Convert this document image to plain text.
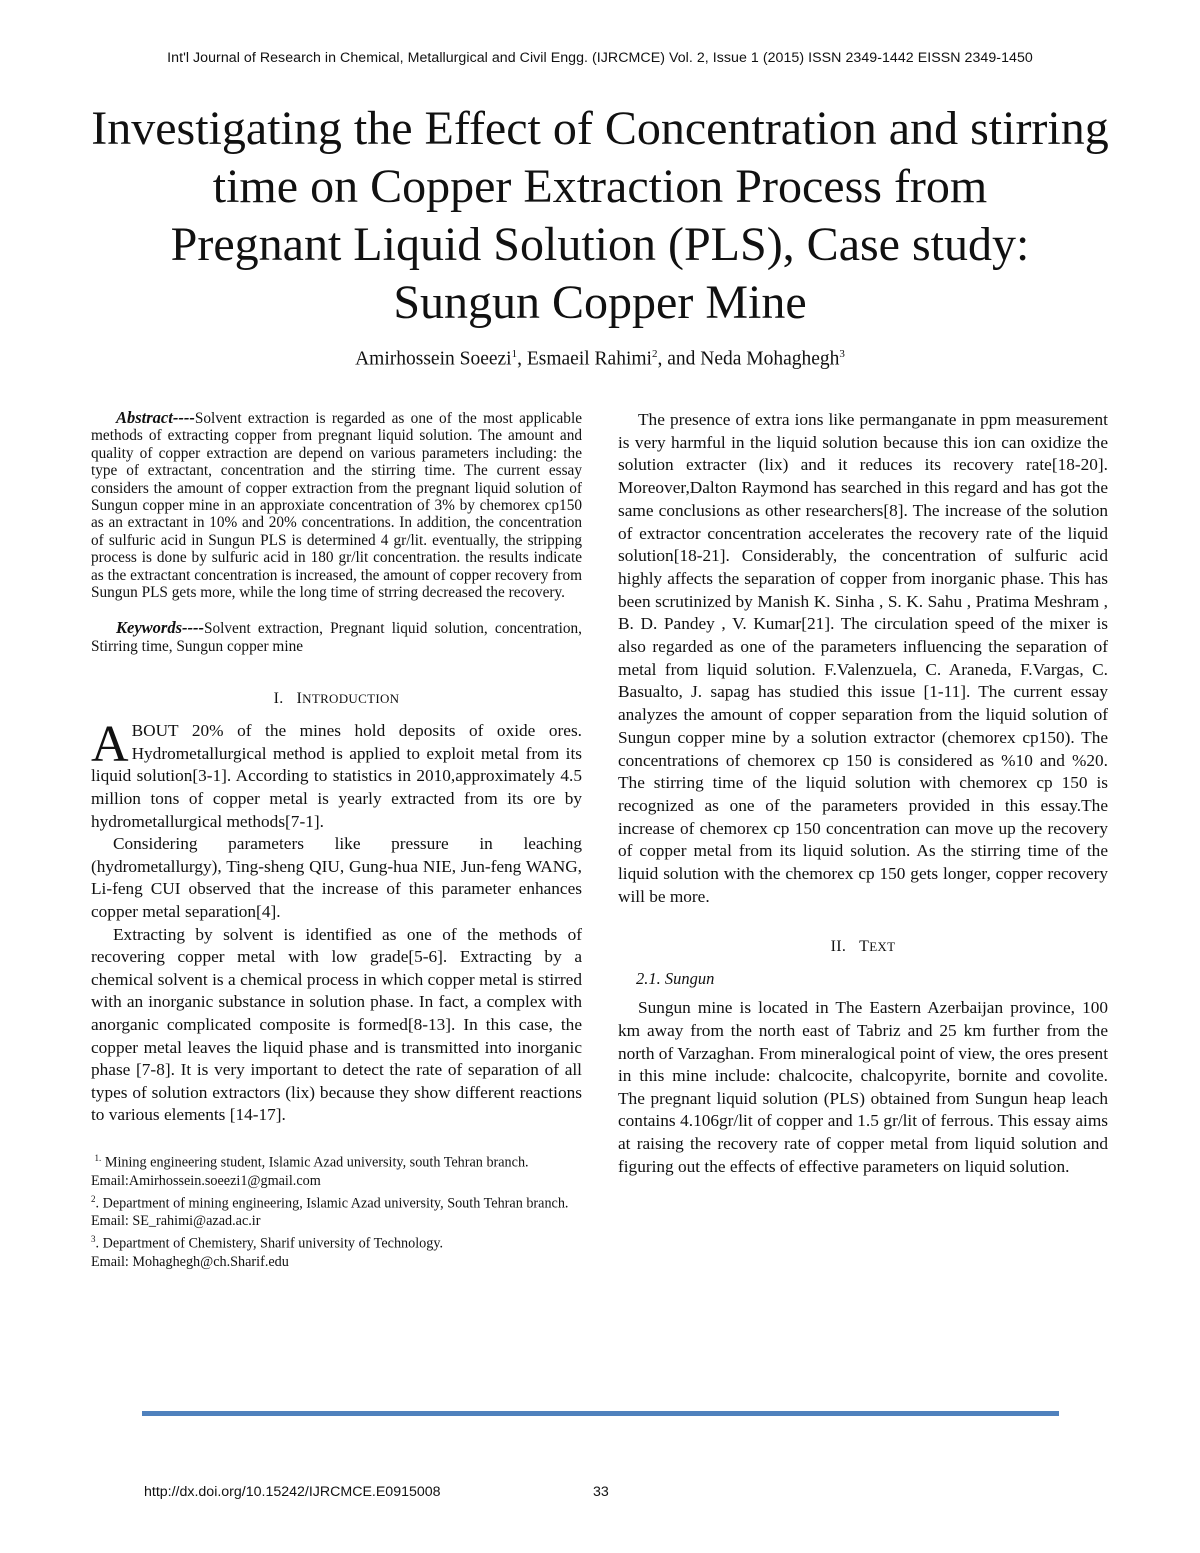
Int'l Journal of Research in Chemical, Metallurgical and Civil Engg. (IJRCMCE) Vol. 2, Issue 1 (2015) ISSN 2349-1442 EISSN 2349-1450
Investigating the Effect of Concentration and stirring
time on Copper Extraction Process from
Pregnant Liquid Solution (PLS), Case study:
Sungun Copper Mine
Amirhossein Soeezi$^1$, Esmaeil Rahimi$^2$, and Neda Mohaghegh$^3$

Abstract----Solvent extraction is regarded as one of the most applicable methods of extracting copper from pregnant liquid solution. The amount and quality of copper extraction are depend on various parameters including: the type of extractant, concentration and the stirring time. The current essay considers the amount of copper extraction from the pregnant liquid solution of Sungun copper mine in an approxiate concentration of 3% by chemorex cp150 as an extractant in 10% and 20% concentrations. In addition, the concentration of sulfuric acid in Sungun PLS is determined 4 gr/lit. eventually, the stripping process is done by sulfuric acid in 180 gr/lit concentration. the results indicate as the extractant concentration is increased, the amount of copper recovery from Sungun PLS gets more, while the long time of strring decreased the recovery.

Keywords----Solvent extraction, Pregnant liquid solution, concentration, Stirring time, Sungun copper mine

I. INTRODUCTION

ABOUT 20% of the mines hold deposits of oxide ores. Hydrometallurgical method is applied to exploit metal from its liquid solution[3-1]. According to statistics in 2010,approximately 4.5 million tons of copper metal is yearly extracted from its ore by hydrometallurgical methods[7-1].

Considering parameters like pressure in leaching (hydrometallurgy), Ting-sheng QIU, Gung-hua NIE, Jun-feng WANG, Li-feng CUI observed that the increase of this parameter enhances copper metal separation[4].

Extracting by solvent is identified as one of the methods of recovering copper metal with low grade[5-6]. Extracting by a chemical solvent is a chemical process in which copper metal is stirred with an inorganic substance in solution phase. In fact, a complex with anorganic complicated composite is formed[8-13]. In this case, the copper metal leaves the liquid phase and is transmitted into inorganic phase [7-8]. It is very important to detect the rate of separation of all types of solution extractors (lix) because they show different reactions to various elements [14-17].

$^{1.}$ Mining engineering student, Islamic Azad university, south Tehran branch. Email:Amirhossein.soeezi1@gmail.com

$^2$. Department of mining engineering, Islamic Azad university, South Tehran branch. Email: SE_rahimi@azad.ac.ir

$^3$. Department of Chemistery, Sharif university of Technology.

Email: Mohaghegh@ch.Sharif.edu

The presence of extra ions like permanganate in ppm measurement is very harmful in the liquid solution because this ion can oxidize the solution extracter (lix) and it reduces its recovery rate[18-20]. Moreover,Dalton Raymond has searched in this regard and has got the same conclusions as other researchers[8]. The increase of the solution of extractor concentration accelerates the recovery rate of the liquid solution[18-21]. Considerably, the concentration of sulfuric acid highly affects the separation of copper from inorganic phase. This has been scrutinized by Manish K. Sinha , S. K. Sahu , Pratima Meshram , B. D. Pandey , V. Kumar[21]. The circulation speed of the mixer is also regarded as one of the parameters influencing the separation of metal from liquid solution. F.Valenzuela, C. Araneda, F.Vargas, C. Basualto, J. sapag has studied this issue [1-11]. The current essay analyzes the amount of copper separation from the liquid solution of Sungun copper mine by a solution extractor (chemorex cp150). The concentrations of chemorex cp 150 is considered as %10 and %20. The stirring time of the liquid solution with chemorex cp 150 is recognized as one of the parameters provided in this essay.The increase of chemorex cp 150 concentration can move up the recovery of copper metal from its liquid solution. As the stirring time of the liquid solution with the chemorex cp 150 gets longer, copper recovery will be more.

II. TEXT

2.1. Sungun

Sungun mine is located in The Eastern Azerbaijan province, 100 km away from the north east of Tabriz and 25 km further from the north of Varzaghan. From mineralogical point of view, the ores present in this mine include: chalcocite, chalcopyrite, bornite and covolite. The pregnant liquid solution (PLS) obtained from Sungun heap leach contains 4.106gr/lit of copper and 1.5 gr/lit of ferrous. This essay aims at raising the recovery rate of copper metal from liquid solution and figuring out the effects of effective parameters on liquid solution.

http://dx.doi.org/10.15242/IJRCMCE.E0915008	33
